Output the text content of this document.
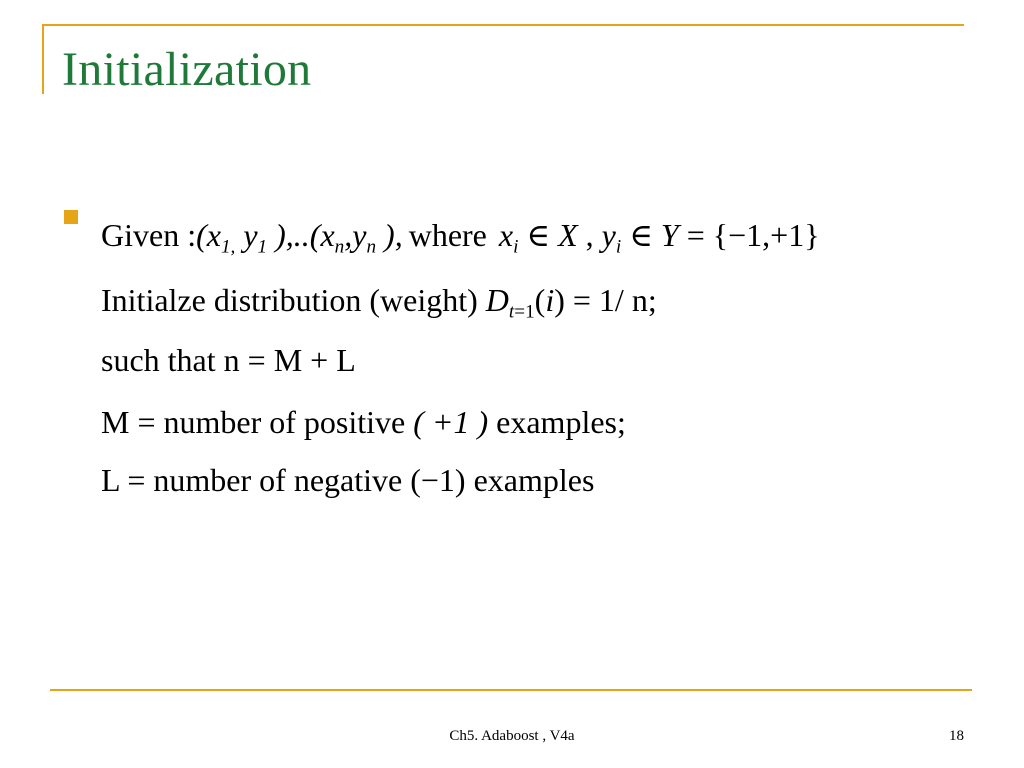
Initialization
Given $:(x_{1,}$ $y_1$ )$,..(x_n,y_n$ ), where $x_i$ ∈ X , $y_i$ ∈ Y = {−1,+1}
Initialze distribution (weight) $D_{t=1}(i) = 1/$ n;
such that n = M + L
M = number of positive ( +1 ) examples;
L = number of negative (−1) examples
Ch5. Adaboost , V4a	18
